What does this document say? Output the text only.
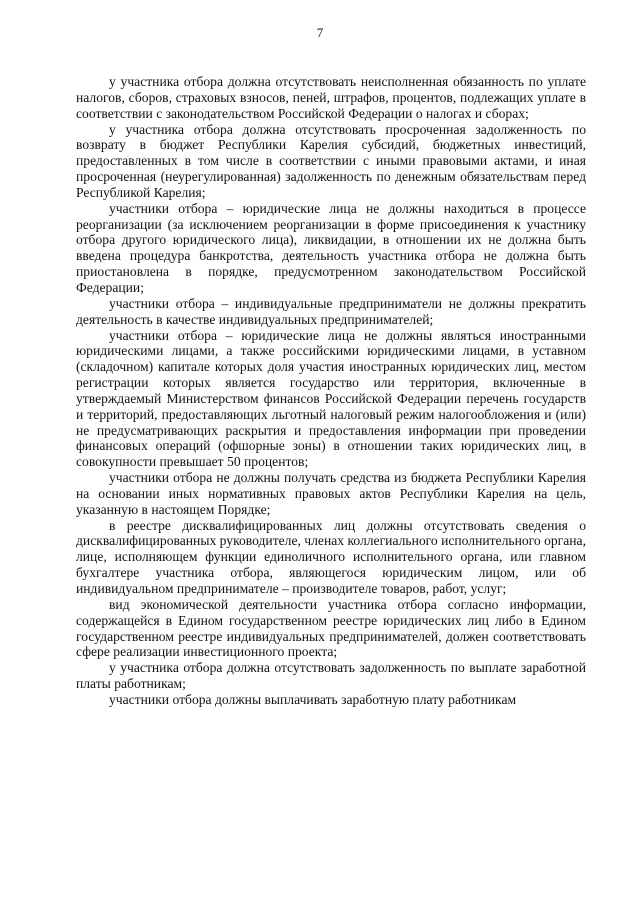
7

у участника отбора должна отсутствовать неисполненная обязанность по уплате налогов, сборов, страховых взносов, пеней, штрафов, процентов, подлежащих уплате в соответствии с законодательством Российской Федерации о налогах и сборах;

у участника отбора должна отсутствовать просроченная задолженность по возврату в бюджет Республики Карелия субсидий, бюджетных инвестиций, предоставленных в том числе в соответствии с иными правовыми актами, и иная просроченная (неурегулированная) задолженность по денежным обязательствам перед Республикой Карелия;

участники отбора – юридические лица не должны находиться в процессе реорганизации (за исключением реорганизации в форме присоединения к участнику отбора другого юридического лица), ликвидации, в отношении их не должна быть введена процедура банкротства, деятельность участника отбора не должна быть приостановлена в порядке, предусмотренном законодательством Российской Федерации;

участники отбора – индивидуальные предприниматели не должны прекратить деятельность в качестве индивидуальных предпринимателей;

участники отбора – юридические лица не должны являться иностранными юридическими лицами, а также российскими юридическими лицами, в уставном (складочном) капитале которых доля участия иностранных юридических лиц, местом регистрации которых является государство или территория, включенные в утверждаемый Министерством финансов Российской Федерации перечень государств и территорий, предоставляющих льготный налоговый режим налогообложения и (или) не предусматривающих раскрытия и предоставления информации при проведении финансовых операций (офшорные зоны) в отношении таких юридических лиц, в совокупности превышает 50 процентов;

участники отбора не должны получать средства из бюджета Республики Карелия на основании иных нормативных правовых актов Республики Карелия на цель, указанную в настоящем Порядке;

в реестре дисквалифицированных лиц должны отсутствовать сведения о дисквалифицированных руководителе, членах коллегиального исполнительного органа, лице, исполняющем функции единоличного исполнительного органа, или главном бухгалтере участника отбора, являющегося юридическим лицом, или об индивидуальном предпринимателе – производителе товаров, работ, услуг;

вид экономической деятельности участника отбора согласно информации, содержащейся в Едином государственном реестре юридических лиц либо в Едином государственном реестре индивидуальных предпринимателей, должен соответствовать сфере реализации инвестиционного проекта;

у участника отбора должна отсутствовать задолженность по выплате заработной платы работникам;

участники отбора должны выплачивать заработную плату работникам
